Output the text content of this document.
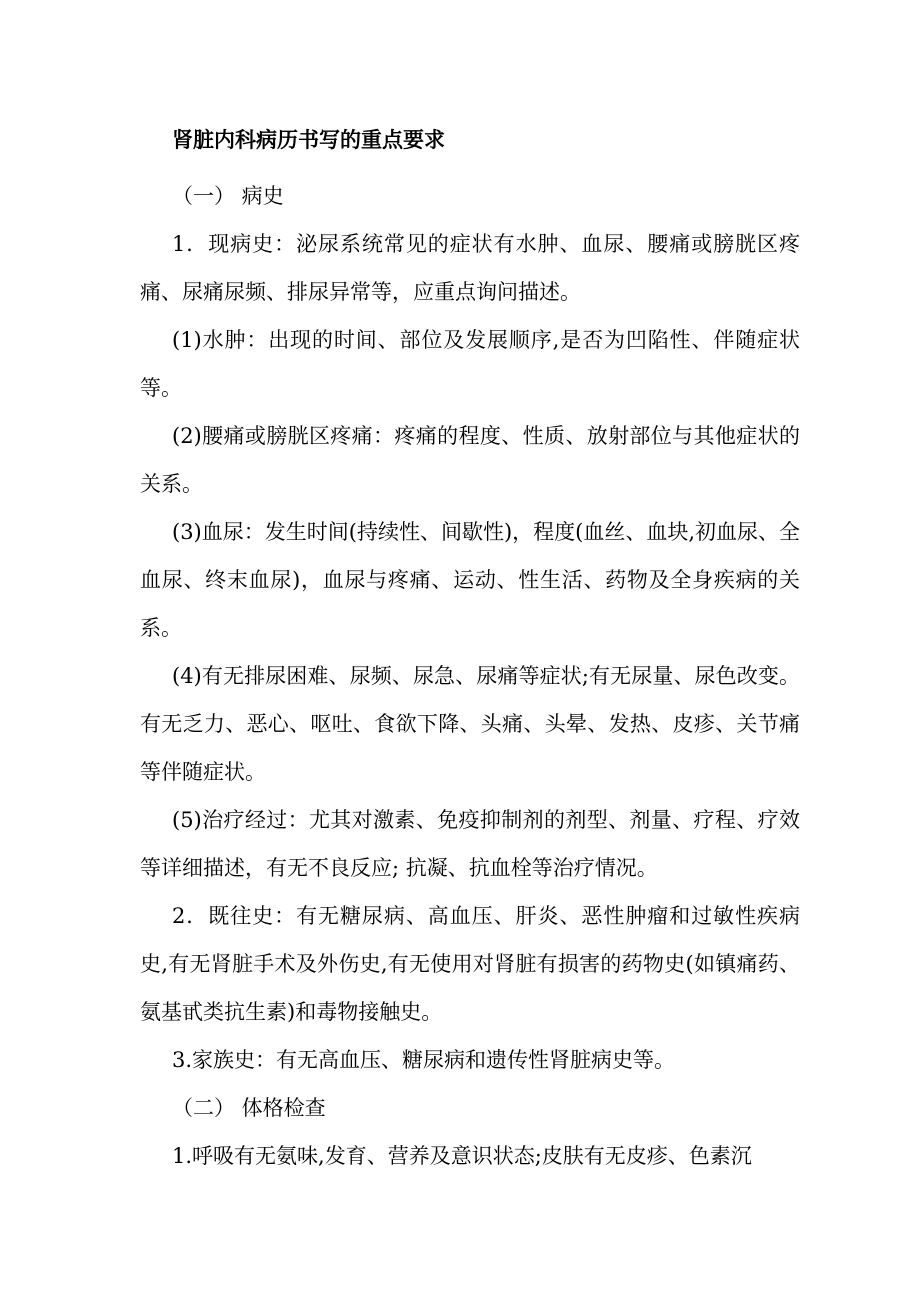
肾脏内科病历书写的重点要求

（一） 病史

1．现病史：泌尿系统常见的症状有水肿、血尿、腰痛或膀胱区疼痛、尿痛尿频、排尿异常等，应重点询问描述。

(1)水肿：出现的时间、部位及发展顺序,是否为凹陷性、伴随症状等。

(2)腰痛或膀胱区疼痛：疼痛的程度、性质、放射部位与其他症状的关系。

(3)血尿：发生时间(持续性、间歇性)，程度(血丝、血块,初血尿、全血尿、终末血尿)，血尿与疼痛、运动、性生活、药物及全身疾病的关系。

(4)有无排尿困难、尿频、尿急、尿痛等症状;有无尿量、尿色改变。有无乏力、恶心、呕吐、食欲下降、头痛、头晕、发热、皮疹、关节痛等伴随症状。

(5)治疗经过：尤其对激素、免疫抑制剂的剂型、剂量、疗程、疗效等详细描述，有无不良反应; 抗凝、抗血栓等治疗情况。

2．既往史：有无糖尿病、高血压、肝炎、恶性肿瘤和过敏性疾病史,有无肾脏手术及外伤史,有无使用对肾脏有损害的药物史(如镇痛药、氨基甙类抗生素)和毒物接触史。

3.家族史：有无高血压、糖尿病和遗传性肾脏病史等。

（二） 体格检查

1.呼吸有无氨味,发育、营养及意识状态;皮肤有无皮疹、色素沉
